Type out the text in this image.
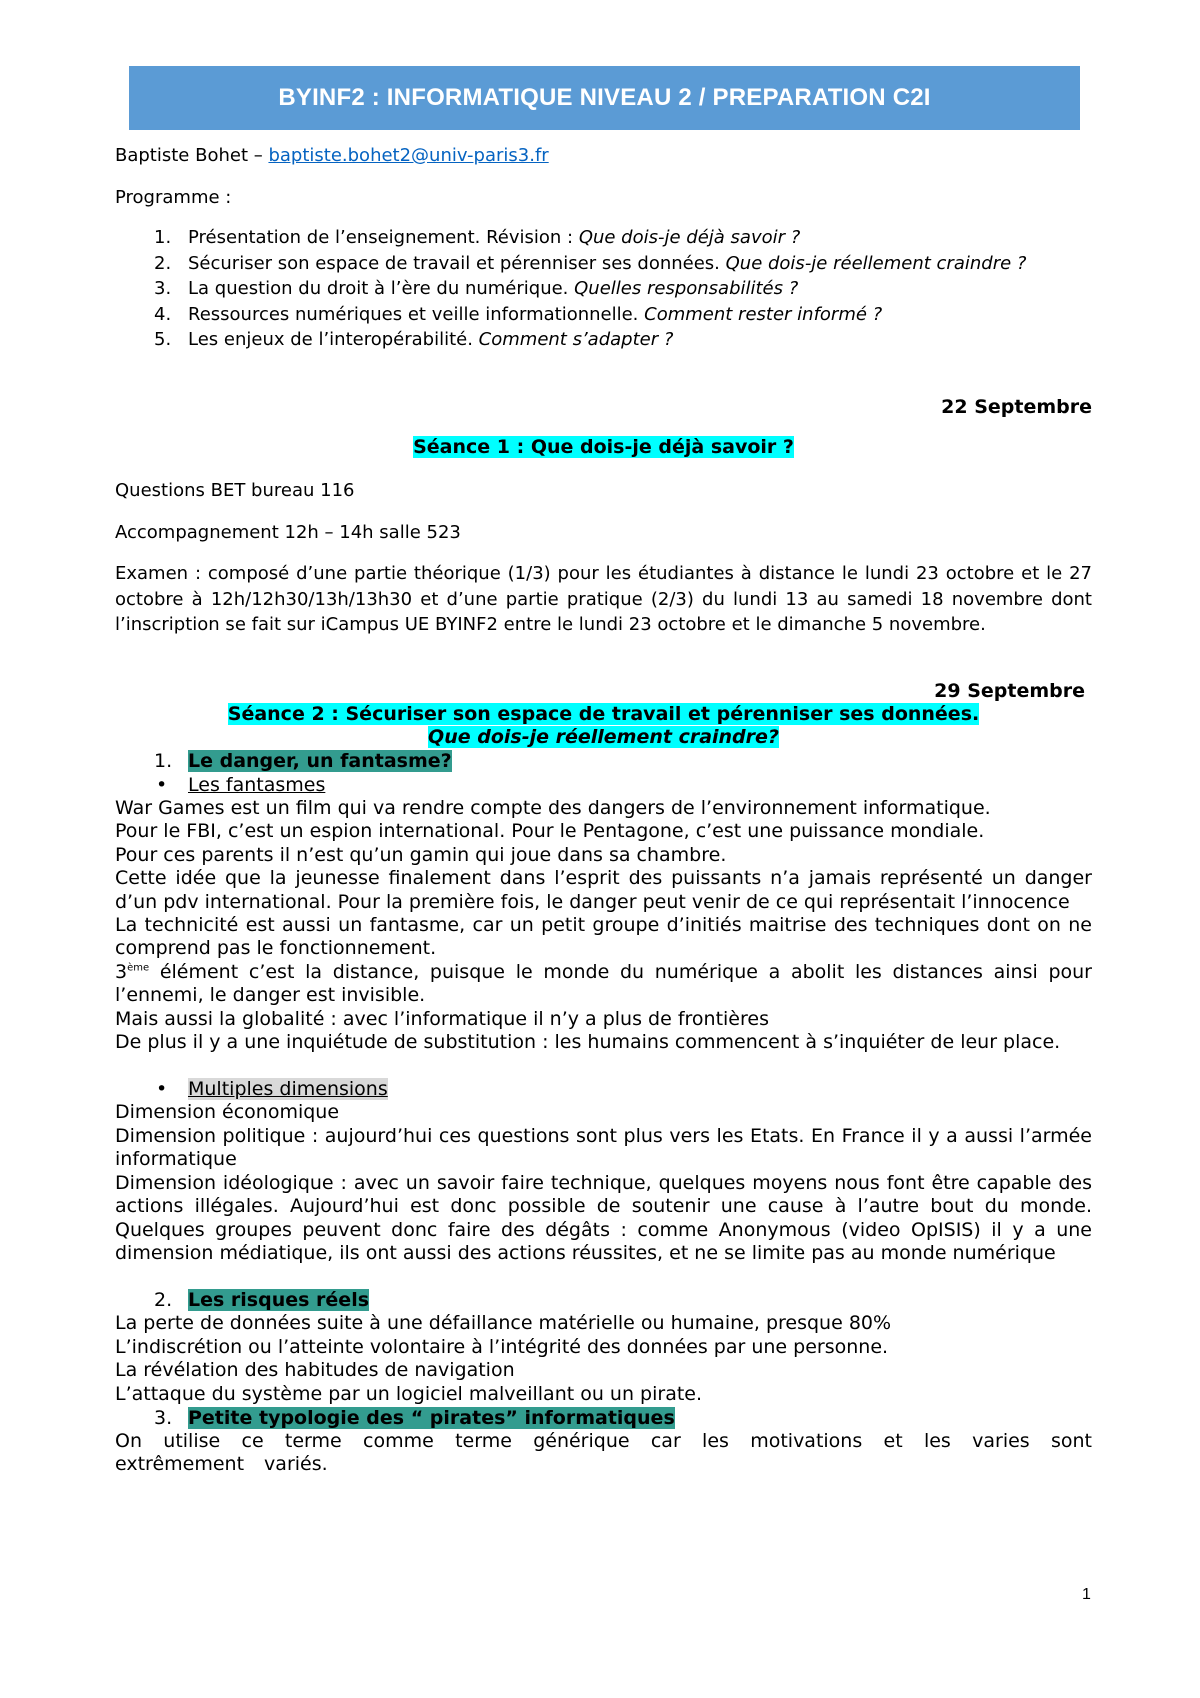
BYINF2 : INFORMATIQUE NIVEAU 2 / PREPARATION C2I

Baptiste Bohet – baptiste.bohet2@univ-paris3.fr

Programme :

1. Présentation de l’enseignement. Révision : Que dois-je déjà savoir ?
2. Sécuriser son espace de travail et pérenniser ses données. Que dois-je réellement craindre ?
3. La question du droit à l’ère du numérique. Quelles responsabilités ?
4. Ressources numériques et veille informationnelle. Comment rester informé ?
5. Les enjeux de l’interopérabilité. Comment s’adapter ?

22 Septembre

Séance 1 : Que dois-je déjà savoir ?

Questions BET bureau 116

Accompagnement 12h – 14h salle 523

Examen : composé d’une partie théorique (1/3) pour les étudiantes à distance le lundi 23 octobre et le 27 octobre à 12h/12h30/13h/13h30 et d’une partie pratique (2/3) du lundi 13 au samedi 18 novembre dont l’inscription se fait sur iCampus UE BYINF2 entre le lundi 23 octobre et le dimanche 5 novembre.

29 Septembre

Séance 2 : Sécuriser son espace de travail et pérenniser ses données.

Que dois-je réellement craindre?

1. Le danger, un fantasme?
•	Les fantasmes

War Games est un film qui va rendre compte des dangers de l’environnement informatique.

Pour le FBI, c’est un espion international. Pour le Pentagone, c’est une puissance mondiale.

Pour ces parents il n’est qu’un gamin qui joue dans sa chambre.

Cette idée que la jeunesse finalement dans l’esprit des puissants n’a jamais représenté un danger d’un pdv international. Pour la première fois, le danger peut venir de ce qui représentait l’innocence

La technicité est aussi un fantasme, car un petit groupe d’initiés maitrise des techniques dont on ne comprend pas le fonctionnement.

3ème élément c’est la distance, puisque le monde du numérique a abolit les distances ainsi pour l’ennemi, le danger est invisible.

Mais aussi la globalité : avec l’informatique il n’y a plus de frontières

De plus il y a une inquiétude de substitution : les humains commencent à s’inquiéter de leur place.

•	Multiples dimensions

Dimension économique

Dimension politique : aujourd’hui ces questions sont plus vers les Etats. En France il y a aussi l’armée informatique

Dimension idéologique : avec un savoir faire technique, quelques moyens nous font être capable des actions illégales. Aujourd’hui est donc possible de soutenir une cause à l’autre bout du monde. Quelques groupes peuvent donc faire des dégâts : comme Anonymous (video OpISIS) il y a une dimension médiatique, ils ont aussi des actions réussites, et ne se limite pas au monde numérique

2. Les risques réels

La perte de données suite à une défaillance matérielle ou humaine, presque 80%

L’indiscrétion ou l’atteinte volontaire à l’intégrité des données par une personne.

La révélation des habitudes de navigation

L’attaque du système par un logiciel malveillant ou un pirate.

3. Petite typologie des “ pirates” informatiques

On utilise ce terme comme terme générique car les motivations et les varies sont extrêmement variés.

1
